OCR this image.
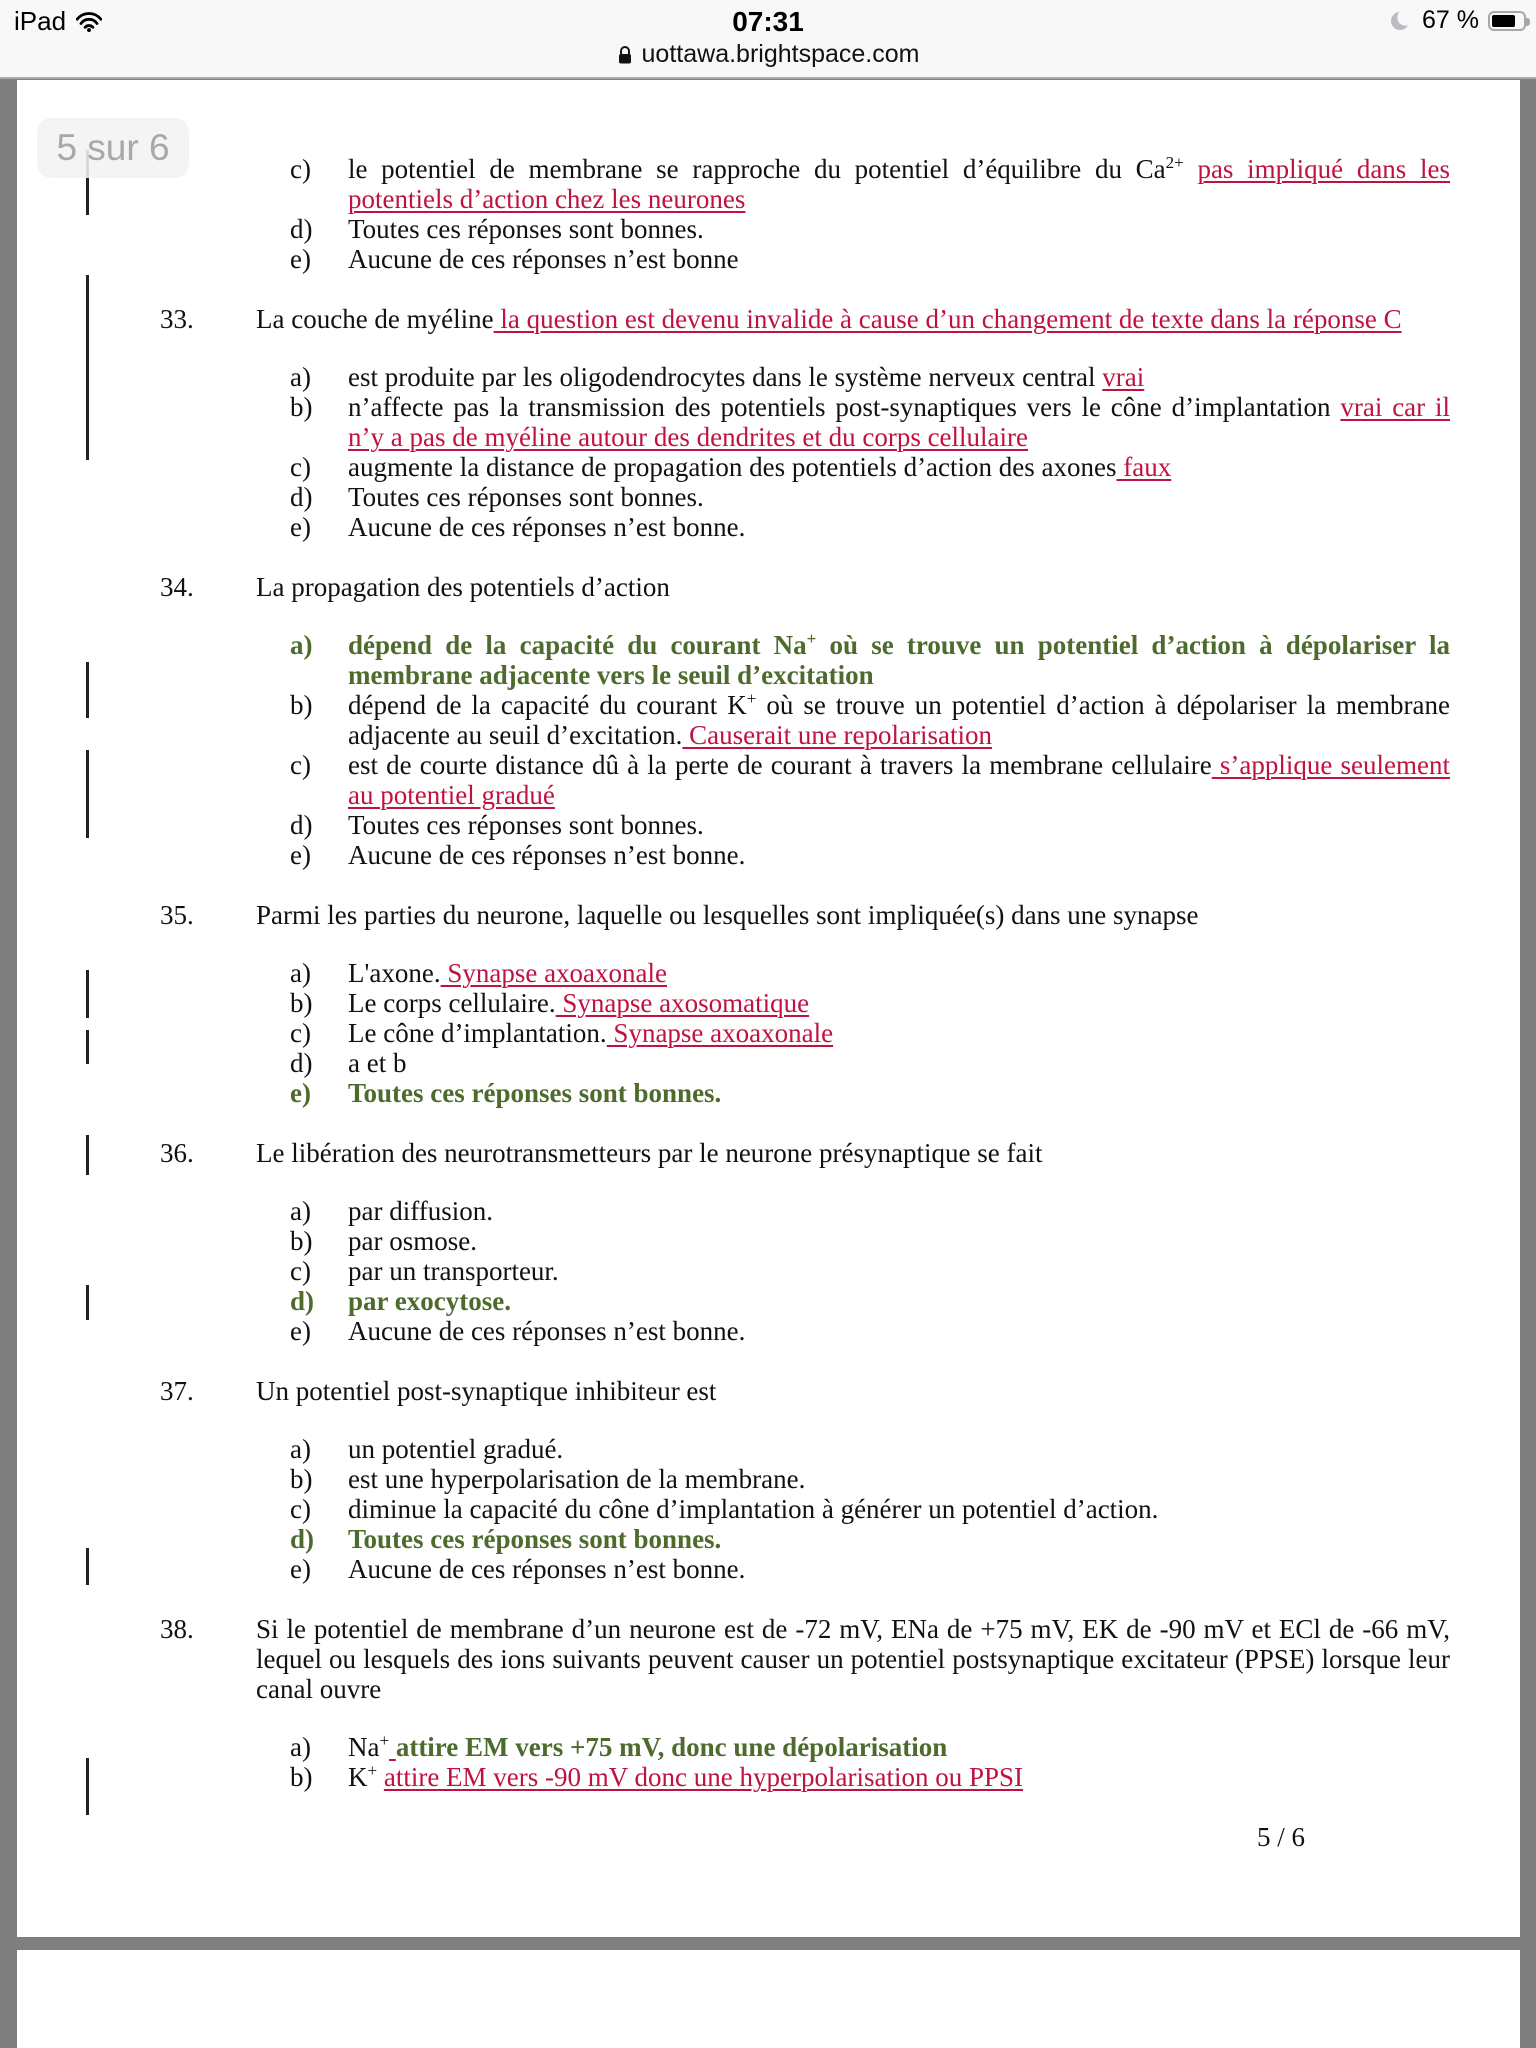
iPad	07:31	67 %
uottawa.brightspace.com
5 sur 6
c)	le potentiel de membrane se rapproche du potentiel d’équilibre du $Ca^{2+}$ pas impliqué dans les potentiels d’action chez les neurones
d)	Toutes ces réponses sont bonnes.
e)	Aucune de ces réponses n’est bonne
33.	La couche de myéline la question est devenu invalide à cause d’un changement de texte dans la réponse C
a)	est produite par les oligodendrocytes dans le système nerveux central vrai
b)	n’affecte pas la transmission des potentiels post-synaptiques vers le cône d’implantation vrai car il n’y a pas de myéline autour des dendrites et du corps cellulaire
c)	augmente la distance de propagation des potentiels d’action des axones faux
d)	Toutes ces réponses sont bonnes.
e)	Aucune de ces réponses n’est bonne.
34.	La propagation des potentiels d’action
a)	dépend de la capacité du courant Na+ où se trouve un potentiel d’action à dépolariser la membrane adjacente vers le seuil d’excitation
b)	dépend de la capacité du courant K+ où se trouve un potentiel d’action à dépolariser la membrane adjacente au seuil d’excitation. Causerait une repolarisation
c)	est de courte distance dû à la perte de courant à travers la membrane cellulaire s’applique seulement au potentiel gradué
d)	Toutes ces réponses sont bonnes.
e)	Aucune de ces réponses n’est bonne.
35.	Parmi les parties du neurone, laquelle ou lesquelles sont impliquée(s) dans une synapse
a)	L'axone. Synapse axoaxonale
b)	Le corps cellulaire. Synapse axosomatique
c)	Le cône d’implantation. Synapse axoaxonale
d)	a et b
e)	Toutes ces réponses sont bonnes.
36.	Le libération des neurotransmetteurs par le neurone présynaptique se fait
a)	par diffusion.
b)	par osmose.
c)	par un transporteur.
d)	par exocytose.
e)	Aucune de ces réponses n’est bonne.
37.	Un potentiel post-synaptique inhibiteur est
a)	un potentiel gradué.
b)	est une hyperpolarisation de la membrane.
c)	diminue la capacité du cône d’implantation à générer un potentiel d’action.
d)	Toutes ces réponses sont bonnes.
e)	Aucune de ces réponses n’est bonne.
38.	Si le potentiel de membrane d’un neurone est de -72 mV, ENa de +75 mV, EK de -90 mV et ECl de -66 mV, lequel ou lesquels des ions suivants peuvent causer un potentiel postsynaptique excitateur (PPSE) lorsque leur canal ouvre
a)	Na+ attire EM vers +75 mV, donc une dépolarisation
b)	K+ attire EM vers -90 mV donc une hyperpolarisation ou PPSI
5 / 6
